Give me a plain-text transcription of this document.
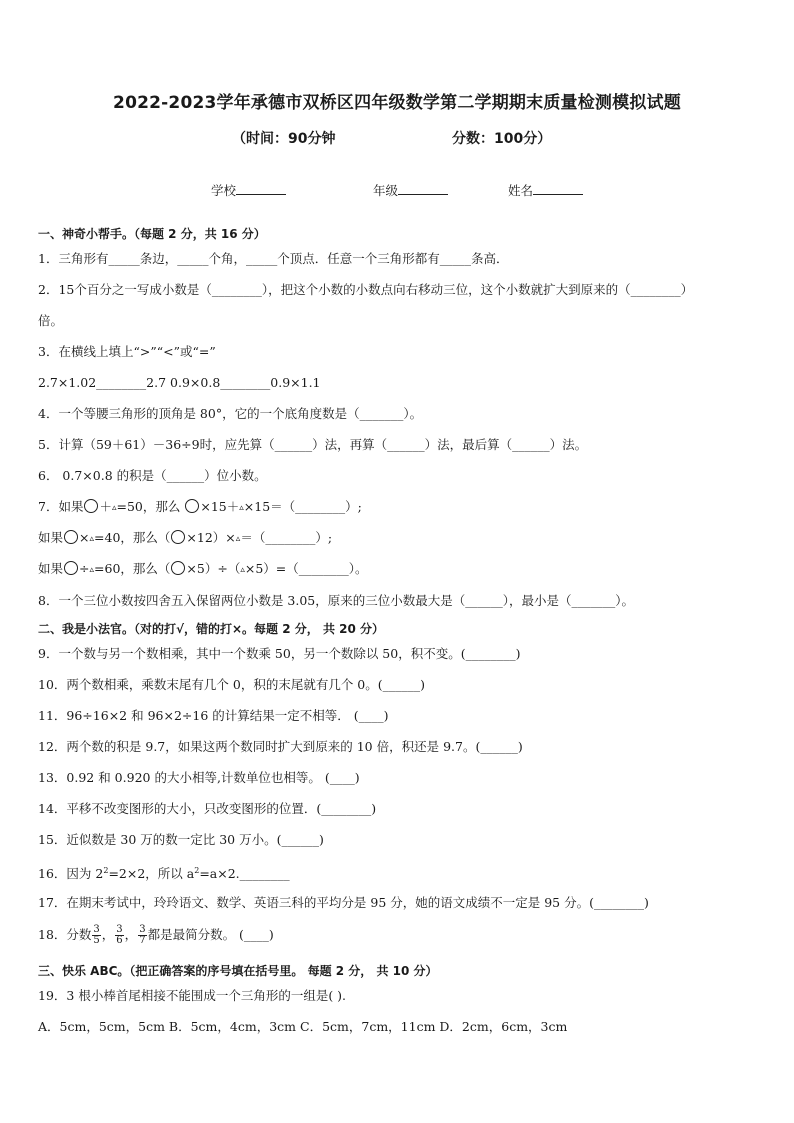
2022-2023学年承德市双桥区四年级数学第二学期期末质量检测模拟试题
（时间：90分钟	分数：100分）
学校	年级	姓名
一、神奇小帮手。（每题 2 分，共 16 分）
1．三角形有_____条边，_____个角，_____个顶点．任意一个三角形都有_____条高．
2．15个百分之一写成小数是（________），把这个小数的小数点向右移动三位，这个小数就扩大到原来的（________）
倍。
3．在横线上填上“>”“<”或“=”
2.7×1.02________2.7 0.9×0.8________0.9×1.1
4．一个等腰三角形的顶角是 80°，它的一个底角度数是（_______）。
5．计算（59＋61）－36÷9时，应先算（______）法，再算（______）法，最后算（______）法。
6． 0.7×0.8 的积是（______）位小数。
7．如果 ＋▵=50，那么 ×15＋▵×15＝（________）;
如果 ×▵=40，那么（ ×12）×▵＝（________）;
如果 ÷▵=60，那么（ ×5）÷（▵×5）=（________）。
8．一个三位小数按四舍五入保留两位小数是 3.05，原来的三位小数最大是（______），最小是（_______）。
二、我是小法官。（对的打√，错的打×。每题 2 分， 共 20 分）
9．一个数与另一个数相乘，其中一个数乘 50，另一个数除以 50，积不变。(________)
10．两个数相乘，乘数末尾有几个 0，积的末尾就有几个 0。(______)
11．96÷16×2 和 96×2÷16 的计算结果一定不相等． (____)
12．两个数的积是 9.7，如果这两个数同时扩大到原来的 10 倍，积还是 9.7。(______)
13．0.92 和 0.920 的大小相等,计数单位也相等。 (____)
14．平移不改变图形的大小，只改变图形的位置．(________)
15．近似数是 30 万的数一定比 30 万小。(______)
16．因为 $2^2=2\times 2$，所以 $a^2=a\times 2.\_\_\_\_\_\_\_\_$
17．在期末考试中，玲玲语文、数学、英语三科的平均分是 95 分，她的语文成绩不一定是 95 分。(________)
18．分数 $\frac{3}{5}$ ， $\frac{3}{6}$ ， $\frac{3}{7}$ 都是最简分数。 (____)
三、快乐 ABC。（把正确答案的序号填在括号里。 每题 2 分， 共 10 分）
19．3 根小棒首尾相接不能围成一个三角形的一组是( ).
A．5cm，5cm，5cm B．5cm，4cm，3cm C．5cm，7cm，11cm D．2cm，6cm，3cm
